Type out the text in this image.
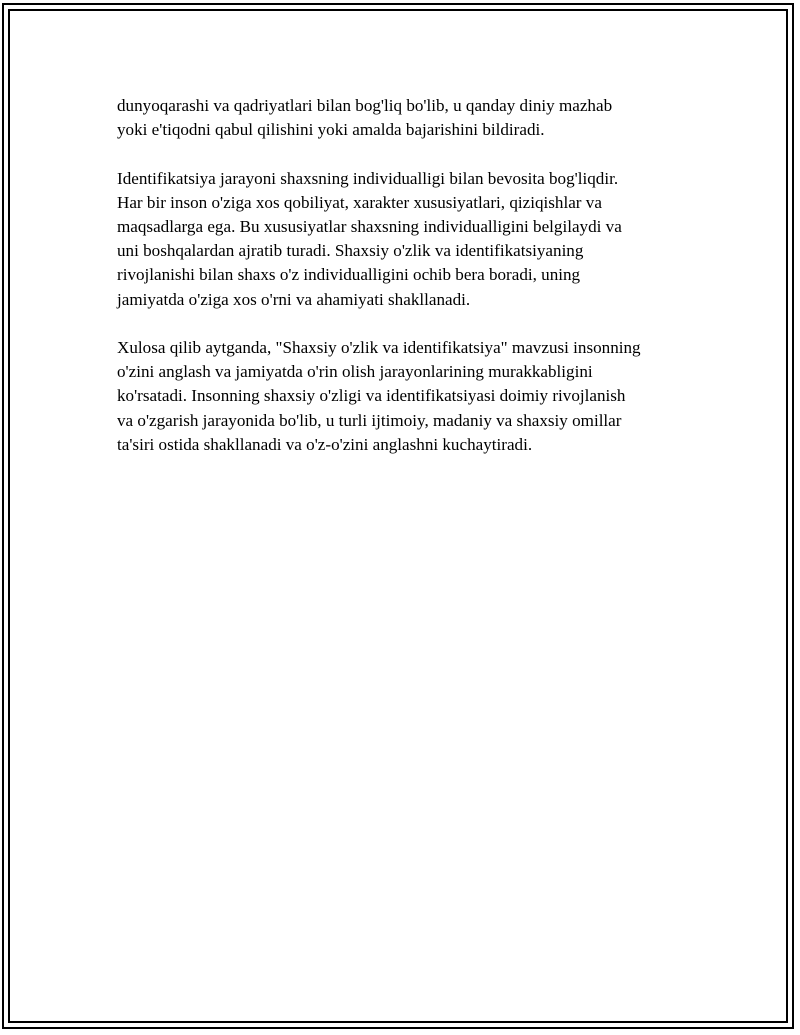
dunyoqarashi va qadriyatlari bilan bog'liq bo'lib, u qanday diniy mazhab
yoki e'tiqodni qabul qilishini yoki amalda bajarishini bildiradi.

Identifikatsiya jarayoni shaxsning individualligi bilan bevosita bog'liqdir.
Har bir inson o'ziga xos qobiliyat, xarakter xususiyatlari, qiziqishlar va
maqsadlarga ega. Bu xususiyatlar shaxsning individualligini belgilaydi va
uni boshqalardan ajratib turadi. Shaxsiy o'zlik va identifikatsiyaning
rivojlanishi bilan shaxs o'z individualligini ochib bera boradi, uning
jamiyatda o'ziga xos o'rni va ahamiyati shakllanadi.

Xulosa qilib aytganda, "Shaxsiy o'zlik va identifikatsiya" mavzusi insonning
o'zini anglash va jamiyatda o'rin olish jarayonlarining murakkabligini
ko'rsatadi. Insonning shaxsiy o'zligi va identifikatsiyasi doimiy rivojlanish
va o'zgarish jarayonida bo'lib, u turli ijtimoiy, madaniy va shaxsiy omillar
ta'siri ostida shakllanadi va o'z-o'zini anglashni kuchaytiradi.
